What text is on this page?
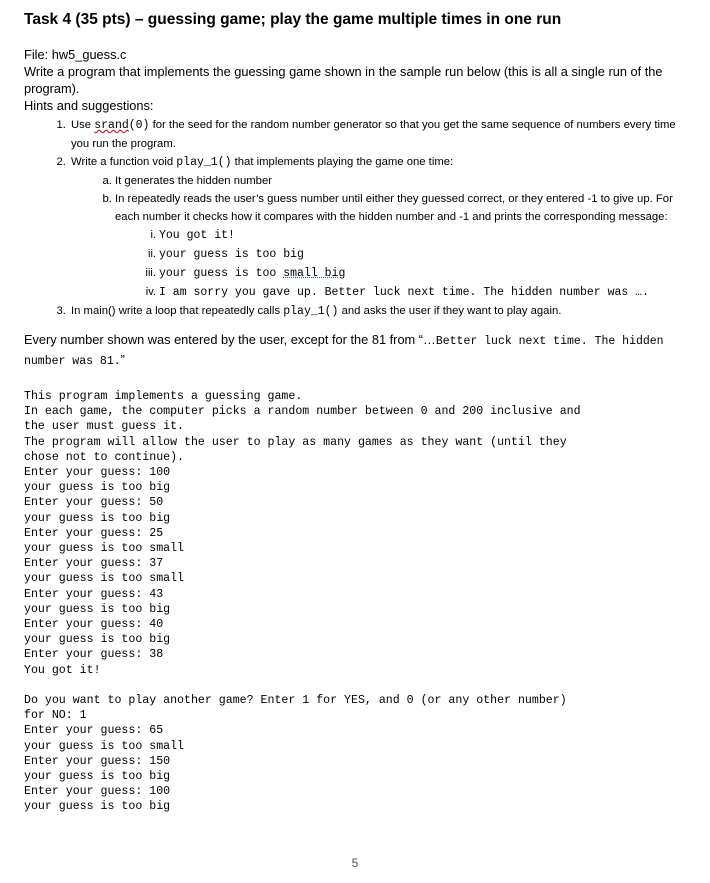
Task 4 (35 pts) – guessing game; play the game multiple times in one run

File: hw5_guess.c

Write a program that implements the guessing game shown in the sample run below (this is all a single run of the program).

Hints and suggestions:

1. Use srand(0) for the seed for the random number generator so that you get the same sequence of numbers every time you run the program.
2. Write a function void play_1() that implements playing the game one time:
a. It generates the hidden number
b. In repeatedly reads the user’s guess number until either they guessed correct, or they entered -1 to give up. For each number it checks how it compares with the hidden number and -1 and prints the corresponding message:
i. You got it!
ii. your guess is too big
iii. your guess is too small big
iv. I am sorry you gave up. Better luck next time. The hidden number was ….
3. In main() write a loop that repeatedly calls play_1() and asks the user if they want to play again.

Every number shown was entered by the user, except for the 81 from “…Better luck next time. The hidden number was 81.”

This program implements a guessing game.
In each game, the computer picks a random number between 0 and 200 inclusive and
the user must guess it.
The program will allow the user to play as many games as they want (until they
chose not to continue).
Enter your guess: 100
your guess is too big
Enter your guess: 50
your guess is too big
Enter your guess: 25
your guess is too small
Enter your guess: 37
your guess is too small
Enter your guess: 43
your guess is too big
Enter your guess: 40
your guess is too big
Enter your guess: 38
You got it!

Do you want to play another game? Enter 1 for YES, and 0 (or any other number)
for NO: 1
Enter your guess: 65
your guess is too small
Enter your guess: 150
your guess is too big
Enter your guess: 100
your guess is too big
5
